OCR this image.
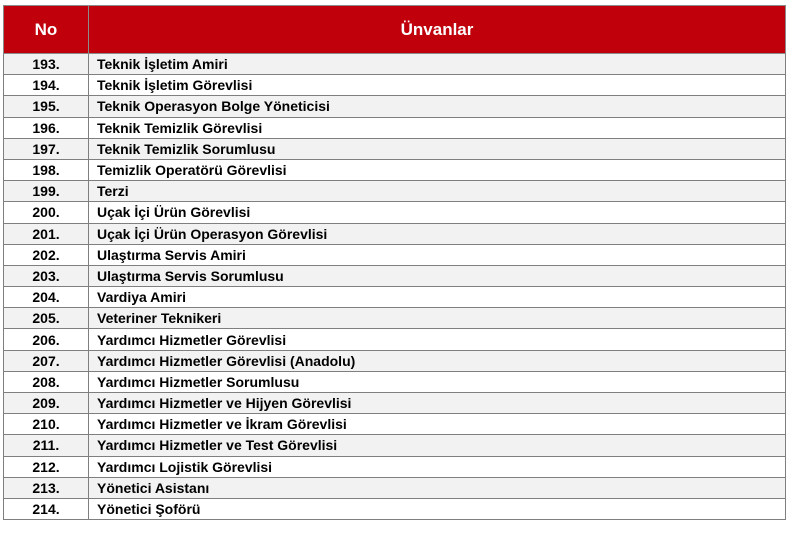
No	Ünvanlar
193.	Teknik İşletim Amiri
194.	Teknik İşletim Görevlisi
195.	Teknik Operasyon Bolge Yöneticisi
196.	Teknik Temizlik Görevlisi
197.	Teknik Temizlik Sorumlusu
198.	Temizlik Operatörü Görevlisi
199.	Terzi
200.	Uçak İçi Ürün Görevlisi
201.	Uçak İçi Ürün Operasyon Görevlisi
202.	Ulaştırma Servis Amiri
203.	Ulaştırma Servis Sorumlusu
204.	Vardiya Amiri
205.	Veteriner Teknikeri
206.	Yardımcı Hizmetler Görevlisi
207.	Yardımcı Hizmetler Görevlisi (Anadolu)
208.	Yardımcı Hizmetler Sorumlusu
209.	Yardımcı Hizmetler ve Hijyen Görevlisi
210.	Yardımcı Hizmetler ve İkram Görevlisi
211.	Yardımcı Hizmetler ve Test Görevlisi
212.	Yardımcı Lojistik Görevlisi
213.	Yönetici Asistanı
214.	Yönetici Şoförü
